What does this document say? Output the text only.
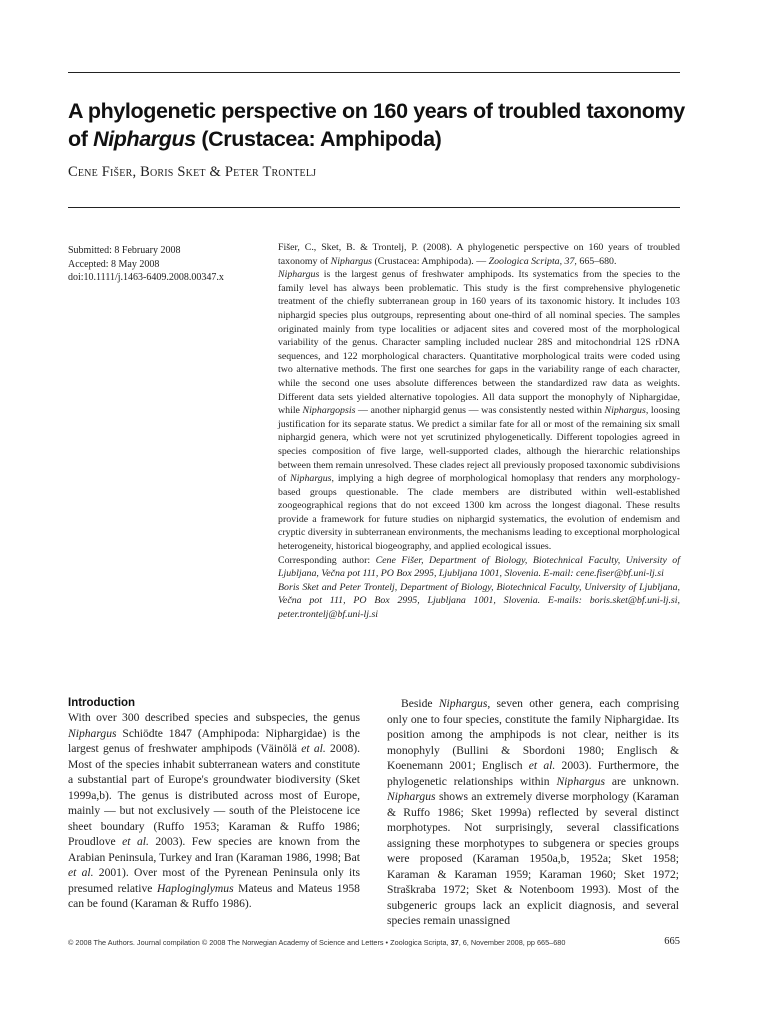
A phylogenetic perspective on 160 years of troubled taxonomy
of Niphargus (Crustacea: Amphipoda)

Cene Fišer, Boris Sket & Peter Trontelj

Submitted: 8 February 2008
Accepted: 8 May 2008
doi:10.1111/j.1463-6409.2008.00347.x

Fišer, C., Sket, B. & Trontelj, P. (2008). A phylogenetic perspective on 160 years of troubled taxonomy of Niphargus (Crustacea: Amphipoda). — Zoologica Scripta, 37, 665–680.

Niphargus is the largest genus of freshwater amphipods. Its systematics from the species to the family level has always been problematic. This study is the first comprehensive phylogenetic treatment of the chiefly subterranean group in 160 years of its taxonomic history. It includes 103 niphargid species plus outgroups, representing about one-third of all nominal species. The samples originated mainly from type localities or adjacent sites and covered most of the morphological variability of the genus. Character sampling included nuclear 28S and mitochondrial 12S rDNA sequences, and 122 morphological characters. Quantitative morphological traits were coded using two alternative methods. The first one searches for gaps in the variability range of each character, while the second one uses absolute differences between the standardized raw data as weights. Different data sets yielded alternative topologies. All data support the monophyly of Niphargidae, while Niphargopsis — another niphargid genus — was consistently nested within Niphargus, loosing justification for its separate status. We predict a similar fate for all or most of the remaining six small niphargid genera, which were not yet scrutinized phylogenetically. Different topologies agreed in species composition of five large, well-supported clades, although the hierarchic relationships between them remain unresolved. These clades reject all previously proposed taxonomic subdivisions of Niphargus, implying a high degree of morphological homoplasy that renders any morphology-based groups questionable. The clade members are distributed within well-established zoogeographical regions that do not exceed 1300 km across the longest diagonal. These results provide a framework for future studies on niphargid systematics, the evolution of endemism and cryptic diversity in subterranean environments, the mechanisms leading to exceptional morphological heterogeneity, historical biogeography, and applied ecological issues.

Corresponding author: Cene Fišer, Department of Biology, Biotechnical Faculty, University of Ljubljana, Večna pot 111, PO Box 2995, Ljubljana 1001, Slovenia. E-mail: cene.fiser@bf.uni-lj.si
Boris Sket and Peter Trontelj, Department of Biology, Biotechnical Faculty, University of Ljubljana, Večna pot 111, PO Box 2995, Ljubljana 1001, Slovenia. E-mails: boris.sket@bf.uni-lj.si, peter.trontelj@bf.uni-lj.si

Introduction

With over 300 described species and subspecies, the genus Niphargus Schiödte 1847 (Amphipoda: Niphargidae) is the largest genus of freshwater amphipods (Väinölä et al. 2008). Most of the species inhabit subterranean waters and constitute a substantial part of Europe's groundwater biodiversity (Sket 1999a,b). The genus is distributed across most of Europe, mainly — but not exclusively — south of the Pleistocene ice sheet boundary (Ruffo 1953; Karaman & Ruffo 1986; Proudlove et al. 2003). Few species are known from the Arabian Peninsula, Turkey and Iran (Karaman 1986, 1998; Bat et al. 2001). Over most of the Pyrenean Peninsula only its presumed relative Haploginglymus Mateus and Mateus 1958 can be found (Karaman & Ruffo 1986).

Beside Niphargus, seven other genera, each comprising only one to four species, constitute the family Niphargidae. Its position among the amphipods is not clear, neither is its monophyly (Bullini & Sbordoni 1980; Englisch & Koenemann 2001; Englisch et al. 2003). Furthermore, the phylogenetic relationships within Niphargus are unknown. Niphargus shows an extremely diverse morphology (Karaman & Ruffo 1986; Sket 1999a) reflected by several distinct morphotypes. Not surprisingly, several classifications assigning these morphotypes to subgenera or species groups were proposed (Karaman 1950a,b, 1952a; Sket 1958; Karaman & Karaman 1959; Karaman 1960; Sket 1972; Straškraba 1972; Sket & Notenboom 1993). Most of the subgeneric groups lack an explicit diagnosis, and several species remain unassigned

© 2008 The Authors. Journal compilation © 2008 The Norwegian Academy of Science and Letters • Zoologica Scripta, 37, 6, November 2008, pp 665–680	665
